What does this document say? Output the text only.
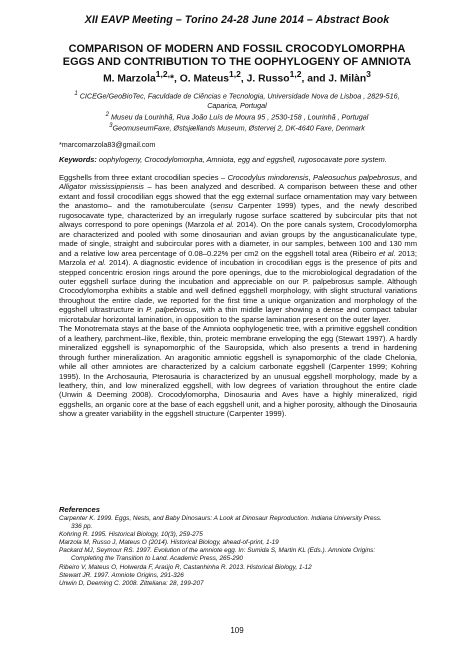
XII EAVP Meeting – Torino 24-28 June 2014 – Abstract Book
COMPARISON OF MODERN AND FOSSIL CROCODYLOMORPHA
EGGS AND CONTRIBUTION TO THE OOPHYLOGENY OF AMNIOTA
M. Marzola$^{1,2,}$*, O. Mateus$^{1,2}$, J. Russo$^{1,2}$, and J. Milàn$^3$
$^1$ CICEGe/GeoBioTec, Faculdade de Ciências e Tecnologia, Universidade Nova de Lisboa , 2829-516,
Caparica, Portugal
$^2$ Museu da Lourinhã, Rua João Luís de Moura 95 , 2530-158 , Lourinhã , Portugal
$^3$GeomuseumFaxe, Østsjællands Museum, Østervej 2, DK-4640 Faxe, Denmark
*marcomarzola83@gmail.com
Keywords: oophylogeny, Crocodylomorpha, Amniota, egg and eggshell, rugosocavate pore system.

Eggshells from three extant crocodilian species – Crocodylus mindorensis, Paleosuchus palpebrosus, and Alligator mississippiensis – has been analyzed and described. A comparison between these and other extant and fossil crocodilian eggs showed that the egg external surface ornamentation may vary between the anastomo– and the ramotuberculate (sensu Carpenter 1999) types, and the newly described rugosocavate type, characterized by an irregularly rugose surface scattered by subcircular pits that not always correspond to pore openings (Marzola et al. 2014). On the pore canals system, Crocodylomorpha are characterized and pooled with some dinosaurian and avian groups by the angusticanaliculate type, made of single, straight and subcircular pores with a diameter, in our samples, between 100 and 130 mm and a relative low area percentage of 0.08–0.22% per cm2 on the eggshell total area (Ribeiro et al. 2013; Marzola et al. 2014). A diagnostic evidence of incubation in crocodilian eggs is the presence of pits and stepped concentric erosion rings around the pore openings, due to the microbiological degradation of the outer eggshell surface during the incubation and appreciable on our P. palpebrosus sample. Although Crocodylomorpha exhibits a stable and well defined eggshell morphology, with slight structural variations throughout the entire clade, we reported for the first time a unique organization and morphology of the eggshell ultrastructure in P. palpebrosus, with a thin middle layer showing a dense and compact tabular microtabular horizontal lamination, in opposition to the sparse lamination present on the outer layer.

The Monotremata stays at the base of the Amniota oophylogenetic tree, with a primitive eggshell condition of a leathery, parchment–like, flexible, thin, proteic membrane enveloping the egg (Stewart 1997). A hardly mineralized eggshell is synapomorphic of the Sauropsida, which also presents a trend in hardening through further mineralization. An aragonitic amniotic eggshell is synapomorphic of the clade Chelonia, while all other amniotes are characterized by a calcium carbonate eggshell (Carpenter 1999; Kohring 1995). In the Archosauria, Pterosauria is characterized by an unusual eggshell morphology, made by a leathery, thin, and low mineralized eggshell, with low degrees of variation throughout the entire clade (Unwin & Deeming 2008). Crocodylomorpha, Dinosauria and Aves have a highly mineralized, rigid eggshells, an organic core at the base of each eggshell unit, and a higher porosity, although the Dinosauria show a greater variability in the eggshell structure (Carpenter 1999).

References
Carpenter K. 1999. Eggs, Nests, and Baby Dinosaurs: A Look at Dinosaur Reproduction. Indiana University Press.
336 pp.
Kohring R. 1995. Historical Biology, 10(3), 259-275
Marzola M, Russo J, Mateus O (2014). Historical Biology, ahead-of-print, 1-19
Packard MJ, Seymour RS. 1997. Evolution of the amniote egg. In: Sumida S, Martin KL (Eds.). Amniote Origins:
Completing the Transition to Land. Academic Press, 265-290
Ribeiro V, Mateus O, Holwerda F, Araújo R, Castanhinha R. 2013. Historical Biology, 1-12
Stewart JR. 1997. Amniote Origins, 291-326
Unwin D, Deeming C. 2008. Zitteliana: 28, 199-207
109
